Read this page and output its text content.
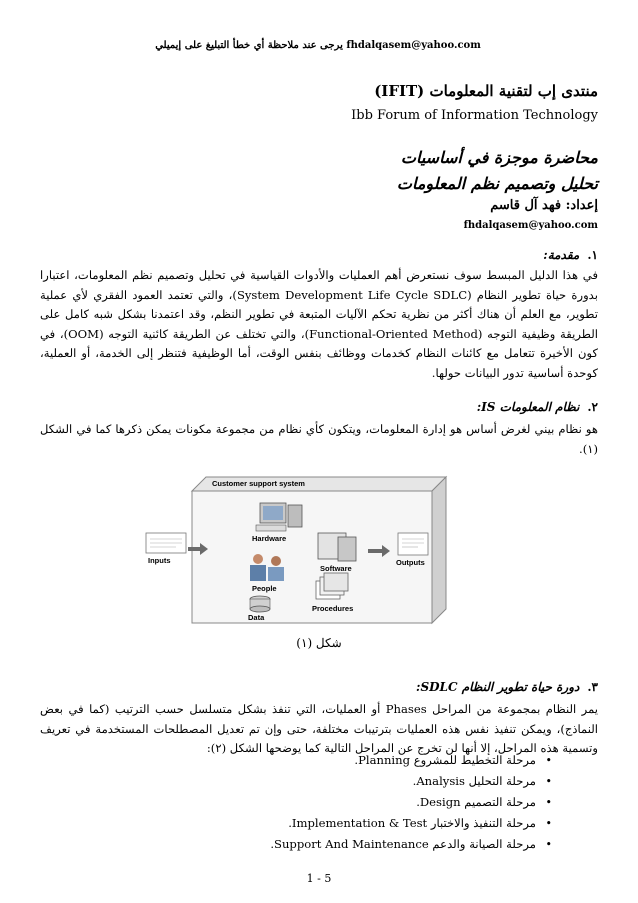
fhdalqasem@yahoo.com يرجى عند ملاحظة أي خطأ التبليغ على إيميلي
منتدى إب لتقنية المعلومات (IFIT)
Ibb Forum of Information Technology
محاضرة موجزة في أساسيات
تحليل وتصميم نظم المعلومات
إعداد: فهد آل قاسم
fhdalqasem@yahoo.com
١.مقدمة:
في هذا الدليل المبسط سوف نستعرض أهم العمليات والأدوات القياسية في تحليل وتصميم نظم المعلومات، اعتبارا بدورة حياة تطوير النظام (System Development Life Cycle SDLC)، والتي تعتمد العمود الفقري لأي عملية تطوير، مع العلم أن هناك أكثر من نظرية تحكم الآليات المتبعة في تطوير النظم، وقد اعتمدنا بشكل شبه كامل على الطريقة وظيفية التوجه (Functional-Oriented Method)، والتي تختلف عن الطريقة كائنية التوجه (OOM)، في كون الأخيرة تتعامل مع كائنات النظام كخدمات ووظائف بنفس الوقت، أما الوظيفية فتنظر إلى الخدمة، أو العملية، كوحدة أساسية تدور البيانات حولها.
٢.نظام المعلومات IS:
هو نظام بيني لغرض أساس هو إدارة المعلومات، ويتكون كأي نظام من مجموعة مكونات يمكن ذكرها كما في الشكل (١).
Customer support system
Hardware
Inputs
Software
People
Outputs
Data
Procedures
شكل (١)
٣.دورة حياة تطوير النظام SDLC:
يمر النظام بمجموعة من المراحل Phases أو العمليات، التي تنفذ بشكل متسلسل حسب الترتيب (كما في بعض النماذج)، ويمكن تنفيذ نفس هذه العمليات بترتيبات مختلفة، حتى وإن تم تعديل المصطلحات المستخدمة في تعريف وتسمية هذه المراحل، إلا أنها لن تخرج عن المراحل التالية كما يوضحها الشكل (٢):
•
مرحلة التخطيط للمشروع Planning.
•
مرحلة التحليل Analysis.
•
مرحلة التصميم Design.
•
مرحلة التنفيذ والاختبار Implementation & Test.
•
مرحلة الصيانة والدعم Support And Maintenance.
1 - 5
